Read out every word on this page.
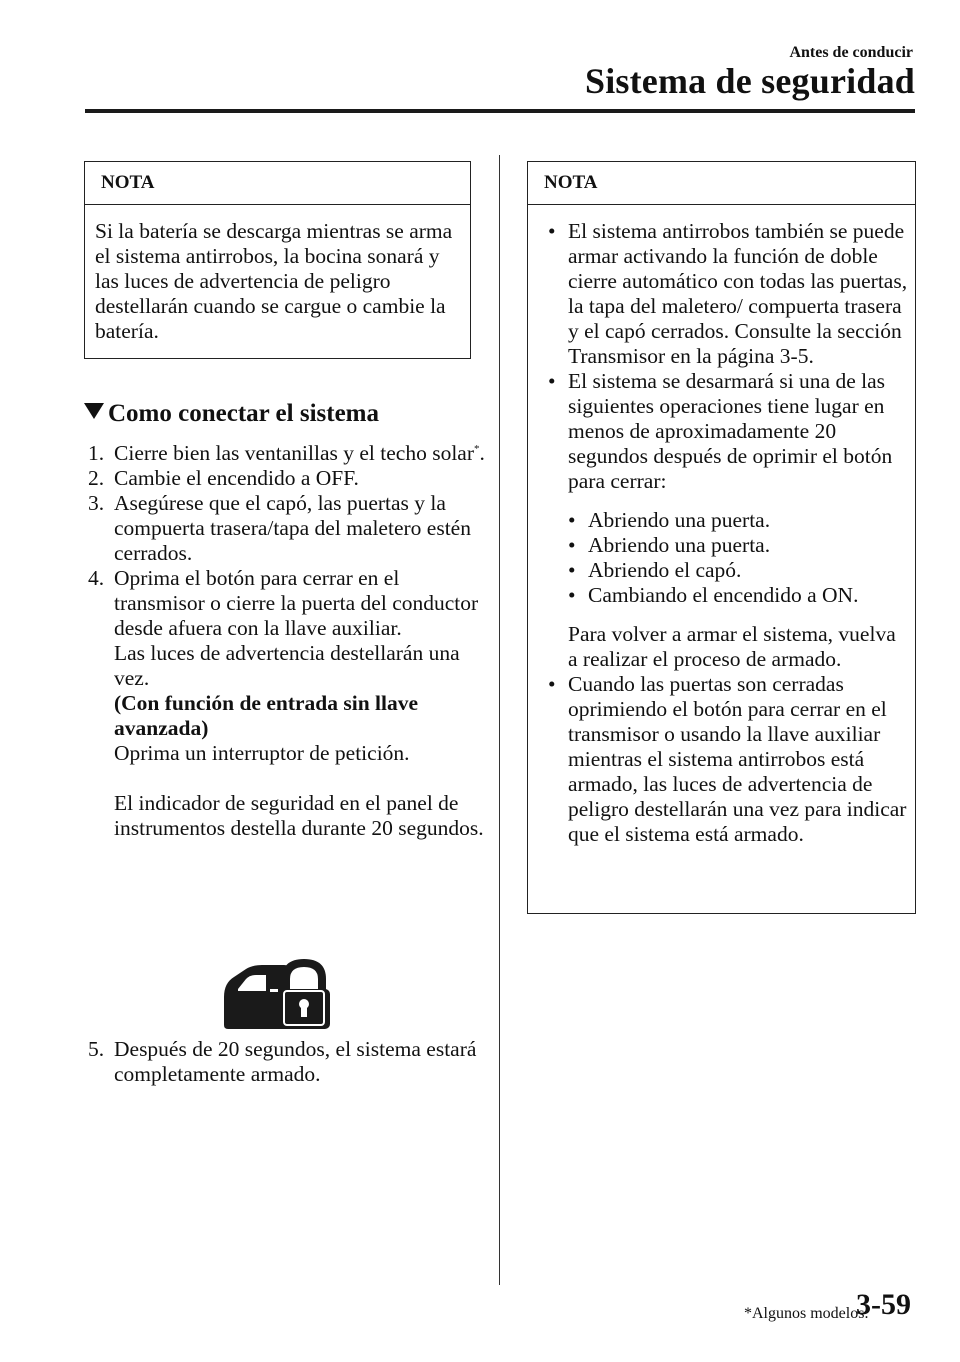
Antes de conducir
Sistema de seguridad
NOTA
Si la batería se descarga mientras se arma el sistema antirrobos, la bocina sonará y las luces de advertencia de peligro destellarán cuando se cargue o cambie la batería.
Como conectar el sistema
1. Cierre bien las ventanillas y el techo solar*.
2. Cambie el encendido a OFF.
3. Asegúrese que el capó, las puertas y la compuerta trasera/tapa del maletero estén cerrados.
4. Oprima el botón para cerrar en el transmisor o cierre la puerta del conductor desde afuera con la llave auxiliar.
Las luces de advertencia destellarán una vez.
(Con función de entrada sin llave avanzada)
Oprima un interruptor de petición.
El indicador de seguridad en el panel de instrumentos destella durante 20 segundos.
5. Después de 20 segundos, el sistema estará completamente armado.
NOTA
• El sistema antirrobos también se puede armar activando la función de doble cierre automático con todas las puertas, la tapa del maletero/ compuerta trasera y el capó cerrados. Consulte la sección Transmisor en la página 3-5.
• El sistema se desarmará si una de las siguientes operaciones tiene lugar en menos de aproximadamente 20 segundos después de oprimir el botón para cerrar:
• Abriendo una puerta.
• Abriendo una puerta.
• Abriendo el capó.
• Cambiando el encendido a ON.
Para volver a armar el sistema, vuelva a realizar el proceso de armado.
• Cuando las puertas son cerradas oprimiendo el botón para cerrar en el transmisor o usando la llave auxiliar mientras el sistema antirrobos está armado, las luces de advertencia de peligro destellarán una vez para indicar que el sistema está armado.
*Algunos modelos.
3-59
